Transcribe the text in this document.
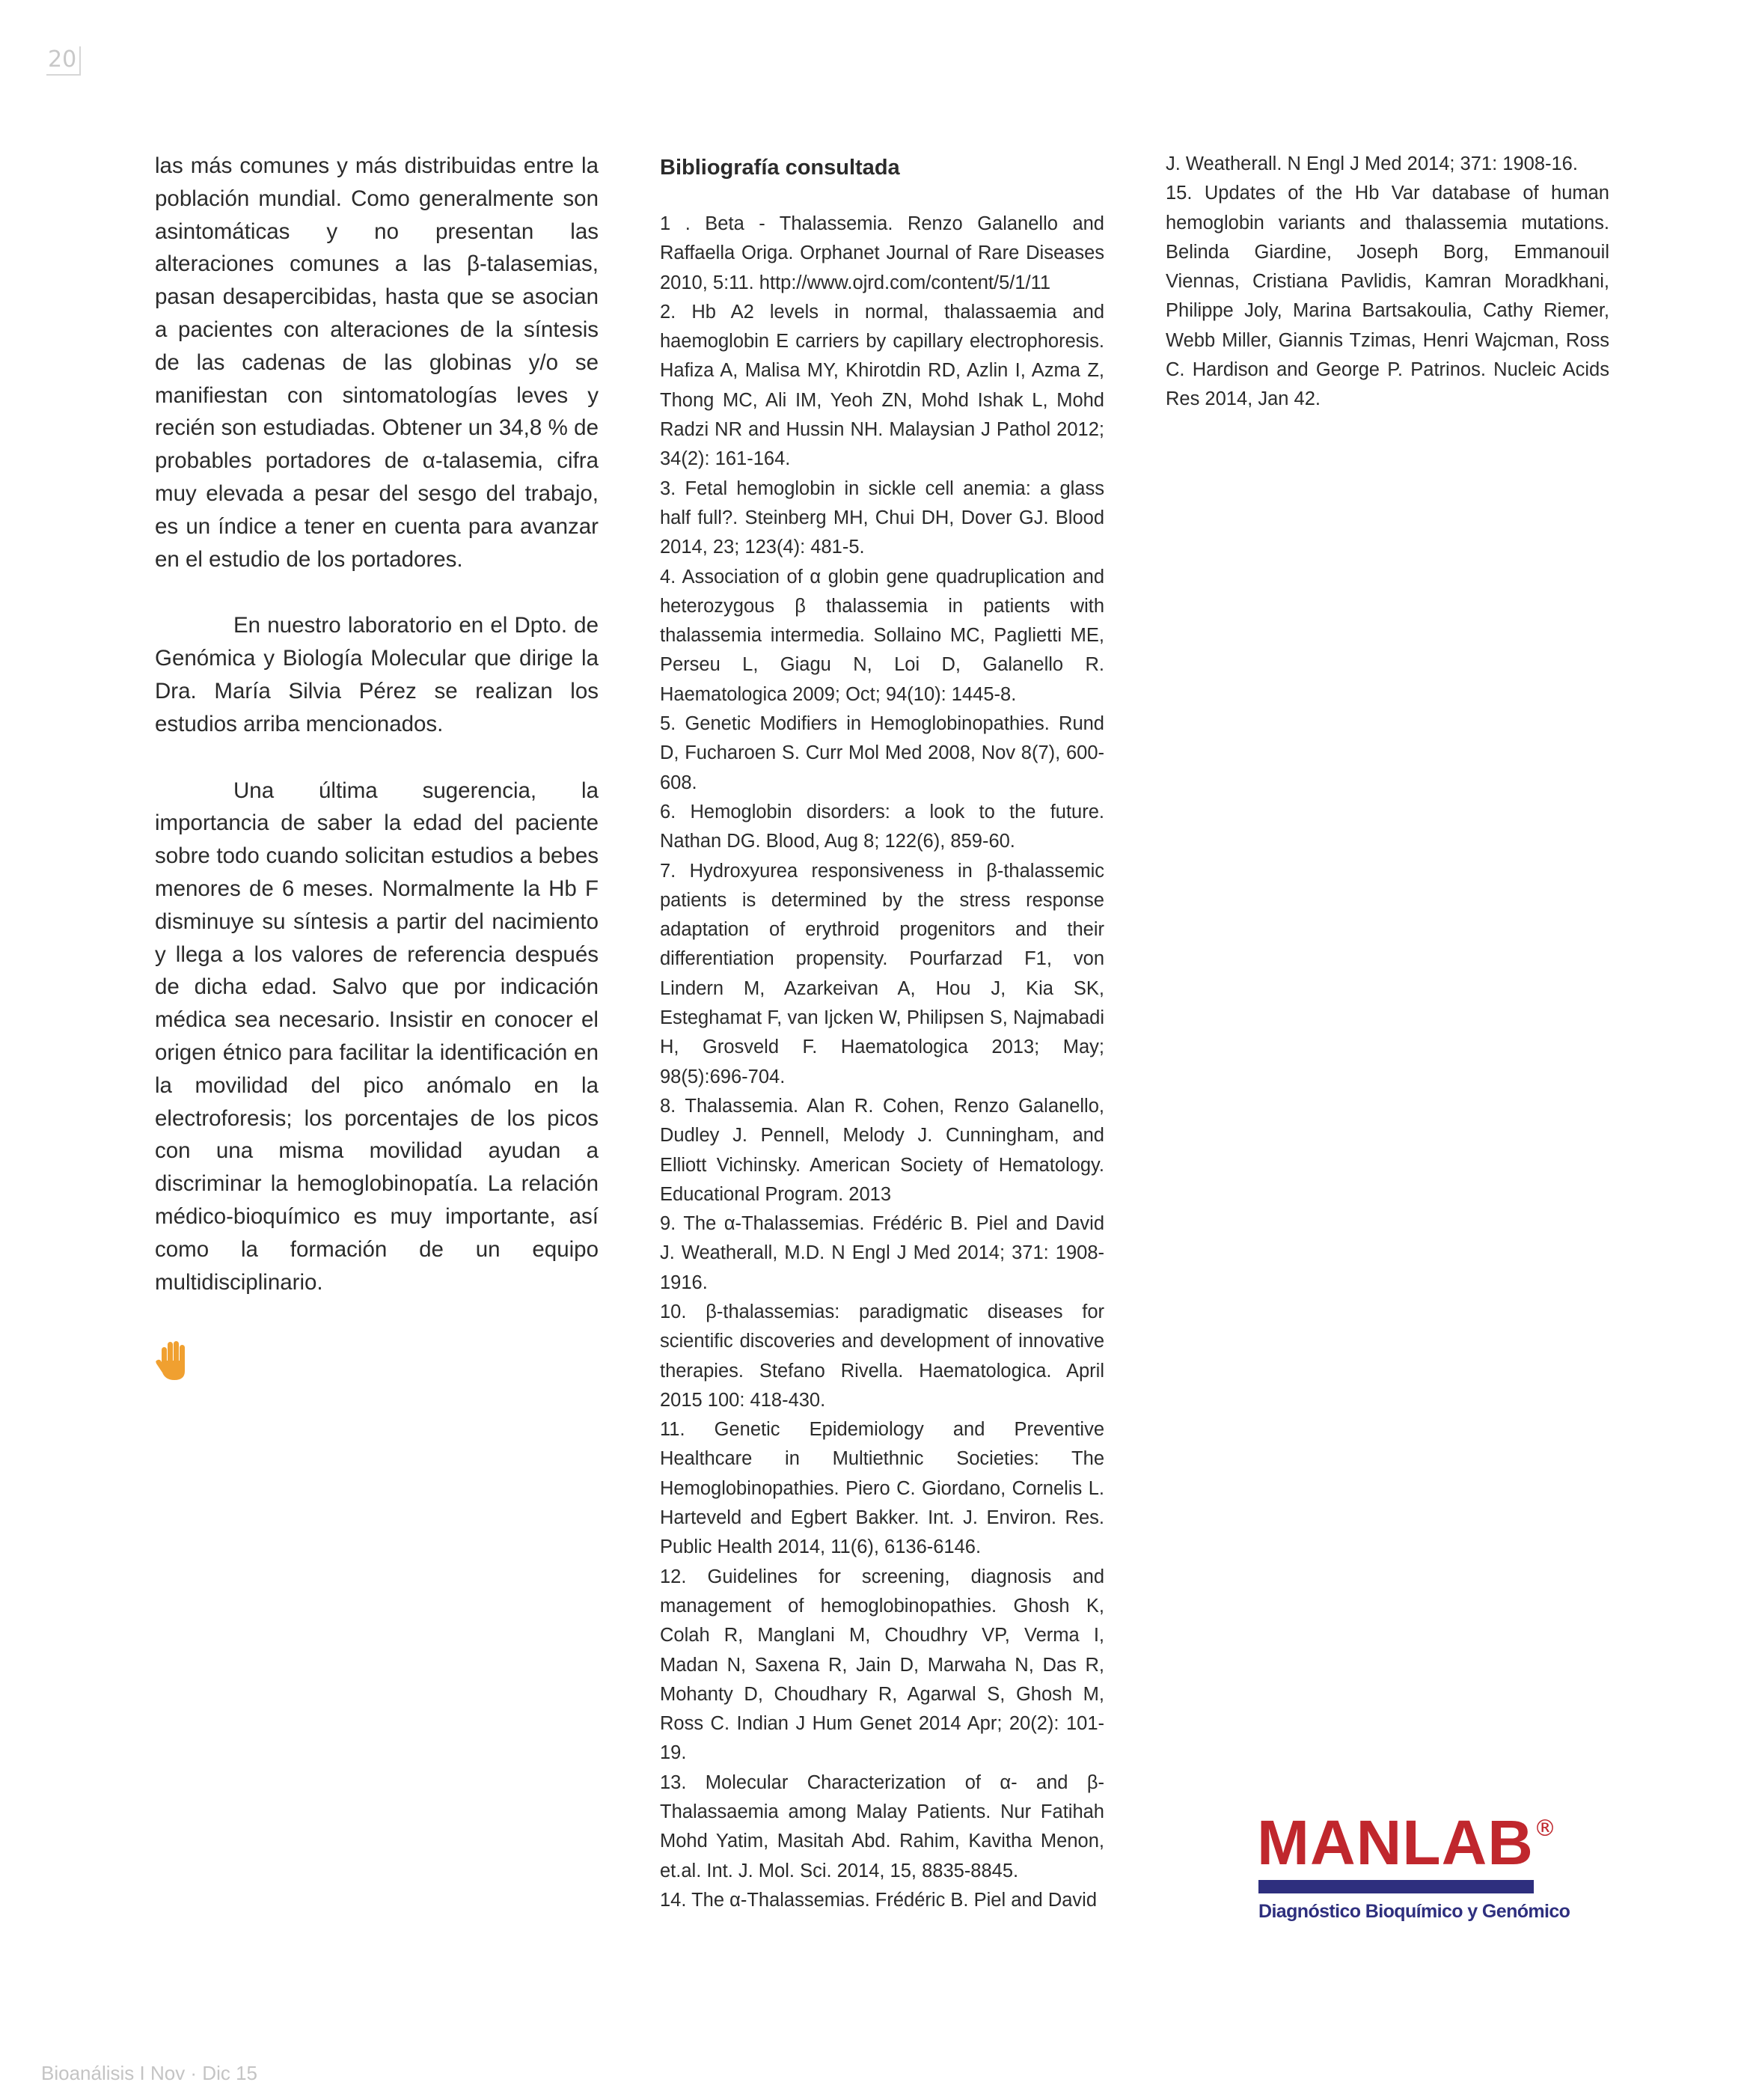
20

las más comunes y más distribuidas entre la población mundial. Como generalmente son asintomáticas y no presentan las alteraciones comunes a las β-talasemias, pasan desapercibidas, hasta que se asocian a pacientes con alteraciones de la síntesis de las cadenas de las globinas y/o se manifiestan con sintomatologías leves y recién son estudiadas. Obtener un 34,8 % de probables portadores de α-talasemia, cifra muy elevada a pesar del sesgo del trabajo, es un índice a tener en cuenta para avanzar en el estudio de los portadores.

En nuestro laboratorio en el Dpto. de Genómica y Biología Molecular que dirige la Dra. María Silvia Pérez se realizan los estudios arriba mencionados.

Una última sugerencia, la importancia de saber la edad del paciente sobre todo cuando solicitan estudios a bebes menores de 6 meses. Normalmente la Hb F disminuye su síntesis a partir del nacimiento y llega a los valores de referencia después de dicha edad. Salvo que por indicación médica sea necesario. Insistir en conocer el origen étnico para facilitar la identificación en la movilidad del pico anómalo en la electroforesis; los porcentajes de los picos con una misma movilidad ayudan a discriminar la hemoglobinopatía. La relación médico-bioquímico es muy importante, así como la formación de un equipo multidisciplinario.

Bibliografía consultada

1 . Beta - Thalassemia. Renzo Galanello and Raffaella Origa. Orphanet Journal of Rare Diseases 2010, 5:11. http://www.ojrd.com/content/5/1/11

2. Hb A2 levels in normal, thalassaemia and haemoglobin E carriers by capillary electrophoresis. Hafiza A, Malisa MY, Khirotdin RD, Azlin I, Azma Z, Thong MC, Ali IM, Yeoh ZN, Mohd Ishak L, Mohd Radzi NR and Hussin NH. Malaysian J Pathol 2012; 34(2): 161-164.

3. Fetal hemoglobin in sickle cell anemia: a glass half full?. Steinberg MH, Chui DH, Dover GJ. Blood 2014, 23; 123(4): 481-5.

4. Association of α globin gene quadruplication and heterozygous β thalassemia in patients with thalassemia intermedia. Sollaino MC, Paglietti ME, Perseu L, Giagu N, Loi D, Galanello R. Haematologica 2009; Oct; 94(10): 1445-8.

5. Genetic Modifiers in Hemoglobinopathies. Rund D, Fucharoen S. Curr Mol Med 2008, Nov 8(7), 600-608.

6. Hemoglobin disorders: a look to the future. Nathan DG. Blood, Aug 8; 122(6), 859-60.

7. Hydroxyurea responsiveness in β-thalassemic patients is determined by the stress response adaptation of erythroid progenitors and their differentiation propensity. Pourfarzad F1, von Lindern M, Azarkeivan A, Hou J, Kia SK, Esteghamat F, van Ijcken W, Philipsen S, Najmabadi H, Grosveld F. Haematologica 2013; May; 98(5):696-704.

8. Thalassemia. Alan R. Cohen, Renzo Galanello, Dudley J. Pennell, Melody J. Cunningham, and Elliott Vichinsky. American Society of Hematology. Educational Program. 2013

9. The α-Thalassemias. Frédéric B. Piel and David J. Weatherall, M.D. N Engl J Med 2014; 371: 1908-1916.

10. β-thalassemias: paradigmatic diseases for scientific discoveries and development of innovative therapies. Stefano Rivella. Haematologica. April 2015 100: 418-430.

11. Genetic Epidemiology and Preventive Healthcare in Multiethnic Societies: The Hemoglobinopathies. Piero C. Giordano, Cornelis L. Harteveld and Egbert Bakker. Int. J. Environ. Res. Public Health 2014, 11(6), 6136-6146.

12. Guidelines for screening, diagnosis and management of hemoglobinopathies. Ghosh K, Colah R, Manglani M, Choudhry VP, Verma I, Madan N, Saxena R, Jain D, Marwaha N, Das R, Mohanty D, Choudhary R, Agarwal S, Ghosh M, Ross C. Indian J Hum Genet 2014 Apr; 20(2): 101-19.

13. Molecular Characterization of α- and β-Thalassaemia among Malay Patients. Nur Fatihah Mohd Yatim, Masitah Abd. Rahim, Kavitha Menon, et.al. Int. J. Mol. Sci. 2014, 15, 8835-8845.

14. The α-Thalassemias. Frédéric B. Piel and David

J. Weatherall. N Engl J Med 2014; 371: 1908-16.

15. Updates of the Hb Var database of human hemoglobin variants and thalassemia mutations. Belinda Giardine, Joseph Borg, Emmanouil Viennas, Cristiana Pavlidis, Kamran Moradkhani, Philippe Joly, Marina Bartsakoulia, Cathy Riemer, Webb Miller, Giannis Tzimas, Henri Wajcman, Ross C. Hardison and George P. Patrinos. Nucleic Acids Res 2014, Jan 42.

MANLAB ®
Diagnóstico Bioquímico y Genómico
Bioanálisis I Nov · Dic 15
